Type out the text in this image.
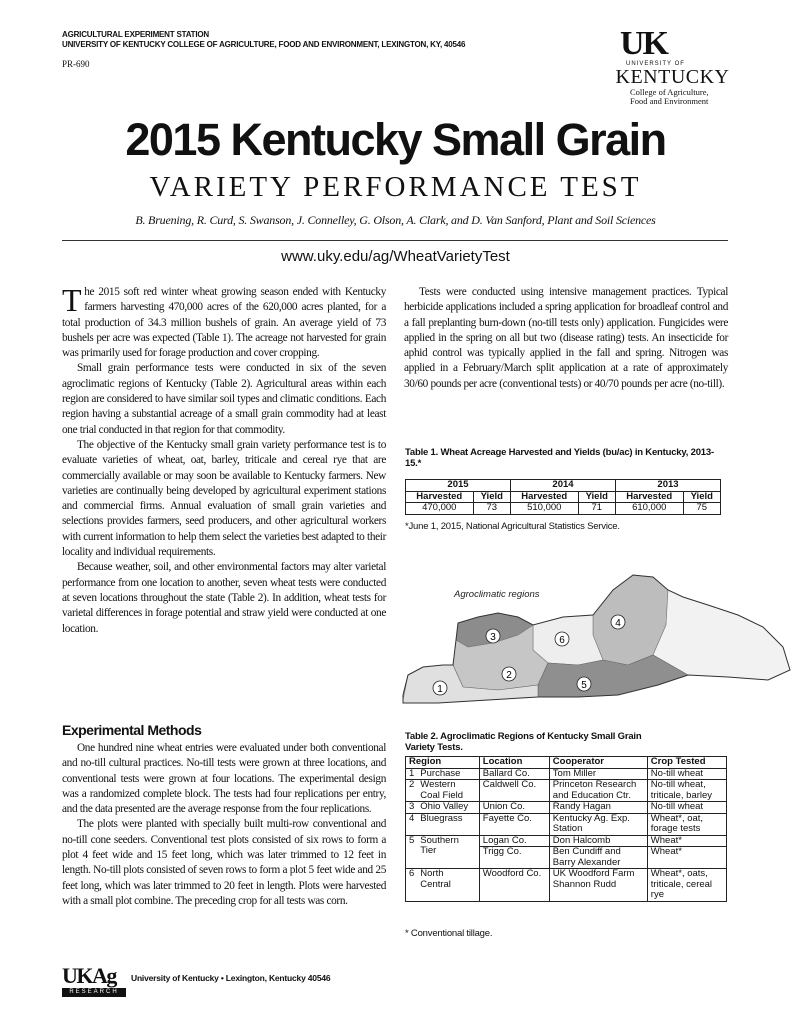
AGRICULTURAL EXPERIMENT STATION
UNIVERSITY OF KENTUCKY COLLEGE OF AGRICULTURE, FOOD AND ENVIRONMENT, LEXINGTON, KY, 40546
PR-690
UK
UNIVERSITY OF
KENTUCKY
College of Agriculture,
Food and Environment
2015 Kentucky Small Grain
VARIETY PERFORMANCE TEST
B. Bruening, R. Curd, S. Swanson, J. Connelley, G. Olson, A. Clark, and D. Van Sanford, Plant and Soil Sciences
www.uky.edu/ag/WheatVarietyTest

The 2015 soft red winter wheat growing season ended with Kentucky farmers harvesting 470,000 acres of the 620,000 acres planted, for a total production of 34.3 million bushels of grain. An average yield of 73 bushels per acre was expected (Table 1). The acreage not harvested for grain was primarily used for forage production and cover cropping.

Small grain performance tests were conducted in six of the seven agroclimatic regions of Kentucky (Table 2). Agricultural areas within each region are considered to have similar soil types and climatic conditions. Each region having a substantial acreage of a small grain commodity had at least one trial conducted in that region for that commodity.

The objective of the Kentucky small grain variety performance test is to evaluate varieties of wheat, oat, barley, triticale and cereal rye that are commercially available or may soon be available to Kentucky farmers. New varieties are continually being developed by agricultural experiment stations and commercial firms. Annual evaluation of small grain varieties and selections provides farmers, seed producers, and other agricultural workers with current information to help them select the varieties best adapted to their locality and individual requirements.

Because weather, soil, and other environmental factors may alter varietal performance from one location to another, seven wheat tests were conducted at seven locations throughout the state (Table 2). In addition, wheat tests for varietal differences in forage potential and straw yield were conducted at one location.

Experimental Methods

One hundred nine wheat entries were evaluated under both conventional and no-till cultural practices. No-till tests were grown at three locations, and conventional tests were grown at four locations. The experimental design was a randomized complete block. The tests had four replications per entry, and the data presented are the average response from the four replications.

The plots were planted with specially built multi-row conventional and no-till cone seeders. Conventional test plots consisted of six rows to form a plot 4 feet wide and 15 feet long, which was later trimmed to 12 feet in length. No-till plots consisted of seven rows to form a plot 5 feet wide and 25 feet long, which was later trimmed to 20 feet in length. Plots were harvested with a small plot combine. The preceding crop for all tests was corn.

Tests were conducted using intensive management practices. Typical herbicide applications included a spring application for broadleaf control and a fall preplanting burn-down (no-till tests only) application. Fungicides were applied in the spring on all but two (disease rating) tests. An insecticide for aphid control was typically applied in the fall and spring. Nitrogen was applied in a February/March split application at a rate of approximately 30/60 pounds per acre (conventional tests) or 40/70 pounds per acre (no-till).

Table 1. Wheat Acreage Harvested and Yields (bu/ac) in Kentucky, 2013-15.*
2015		2014		2013	
Harvested	Yield	Harvested	Yield	Harvested	Yield
470,000	73	510,000	71	610,000	75
*June 1, 2015, National Agricultural Statistics Service.
Agroclimatic regions
1
2
3
4
5
6
Table 2. Agroclimatic Regions of Kentucky Small Grain
Variety Tests.
Region		Location	Cooperator	Crop Tested
1	Purchase	Ballard Co.	Tom Miller	No-till wheat
2	Western Coal Field	Caldwell Co.	Princeton Research and Education Ctr.	No-till wheat, triticale, barley
3	Ohio Valley	Union Co.	Randy Hagan	No-till wheat
4	Bluegrass	Fayette Co.	Kentucky Ag. Exp. Station	Wheat*, oat, forage tests
5	Southern Tier	Logan Co.	Don Halcomb	Wheat*
		Trigg Co.	Ben Cundiff and Barry Alexander	Wheat*
6	North Central	Woodford Co.	UK Woodford Farm Shannon Rudd	Wheat*, oats, triticale, cereal rye
* Conventional tillage.
UKAg
RESEARCH
University of Kentucky • Lexington, Kentucky 40546
